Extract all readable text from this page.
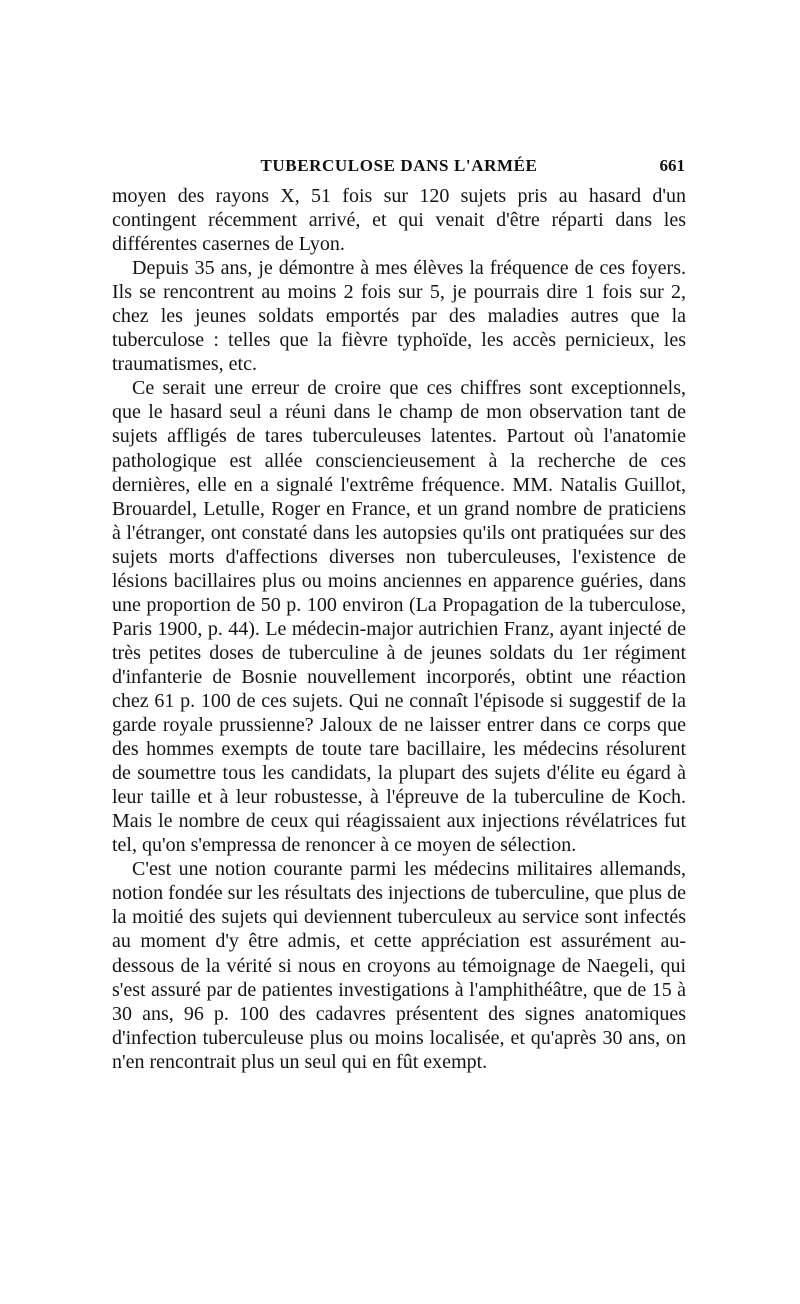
TUBERCULOSE DANS L'ARMÉE	661

moyen des rayons X, 51 fois sur 120 sujets pris au hasard d'un contingent récemment arrivé, et qui venait d'être réparti dans les différentes casernes de Lyon.

Depuis 35 ans, je démontre à mes élèves la fréquence de ces foyers. Ils se rencontrent au moins 2 fois sur 5, je pourrais dire 1 fois sur 2, chez les jeunes soldats emportés par des maladies autres que la tuberculose : telles que la fièvre typhoïde, les accès pernicieux, les traumatismes, etc.

Ce serait une erreur de croire que ces chiffres sont exceptionnels, que le hasard seul a réuni dans le champ de mon observation tant de sujets affligés de tares tuberculeuses latentes. Partout où l'anatomie pathologique est allée consciencieusement à la recherche de ces dernières, elle en a signalé l'extrême fréquence. MM. Natalis Guillot, Brouardel, Letulle, Roger en France, et un grand nombre de praticiens à l'étranger, ont constaté dans les autopsies qu'ils ont pratiquées sur des sujets morts d'affections diverses non tuberculeuses, l'existence de lésions bacillaires plus ou moins anciennes en apparence guéries, dans une proportion de 50 p. 100 environ (La Propagation de la tuberculose, Paris 1900, p. 44). Le médecin-major autrichien Franz, ayant injecté de très petites doses de tuberculine à de jeunes soldats du 1er régiment d'infanterie de Bosnie nouvellement incorporés, obtint une réaction chez 61 p. 100 de ces sujets. Qui ne connaît l'épisode si suggestif de la garde royale prussienne? Jaloux de ne laisser entrer dans ce corps que des hommes exempts de toute tare bacillaire, les médecins résolurent de soumettre tous les candidats, la plupart des sujets d'élite eu égard à leur taille et à leur robustesse, à l'épreuve de la tuberculine de Koch. Mais le nombre de ceux qui réagissaient aux injections révélatrices fut tel, qu'on s'empressa de renoncer à ce moyen de sélection.

C'est une notion courante parmi les médecins militaires allemands, notion fondée sur les résultats des injections de tuberculine, que plus de la moitié des sujets qui deviennent tuberculeux au service sont infectés au moment d'y être admis, et cette appréciation est assurément au-dessous de la vérité si nous en croyons au témoignage de Naegeli, qui s'est assuré par de patientes investigations à l'amphithéâtre, que de 15 à 30 ans, 96 p. 100 des cadavres présentent des signes anatomiques d'infection tuberculeuse plus ou moins localisée, et qu'après 30 ans, on n'en rencontrait plus un seul qui en fût exempt.
